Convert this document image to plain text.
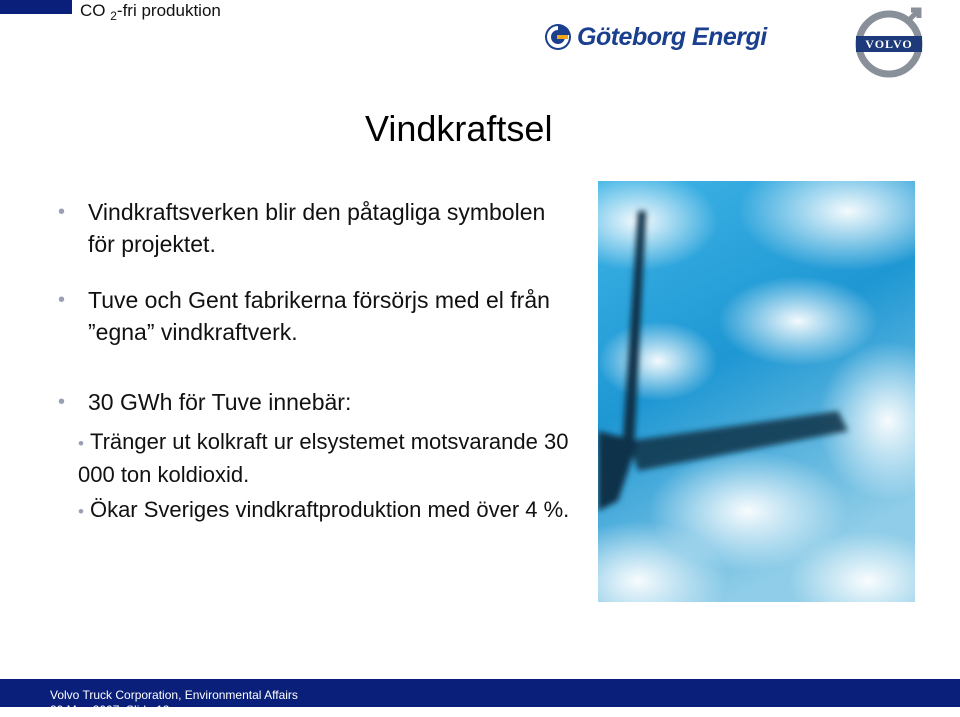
CO $_2$-fri produktion
Göteborg Energi	VOLVO
Vindkraftsel
• Vindkraftsverken blir den påtagliga symbolen för projektet.
• Tuve och Gent fabrikerna försörjs med el från ”egna” vindkraftverk.
• 30 GWh för Tuve innebär:
• Tränger ut kolkraft ur elsystemet motsvarande 30 000 ton koldioxid.
• Ökar Sveriges vindkraftproduktion med över 4 %.
Volvo Truck Corporation, Environmental Affairs
29 May 2007, Slide 12
